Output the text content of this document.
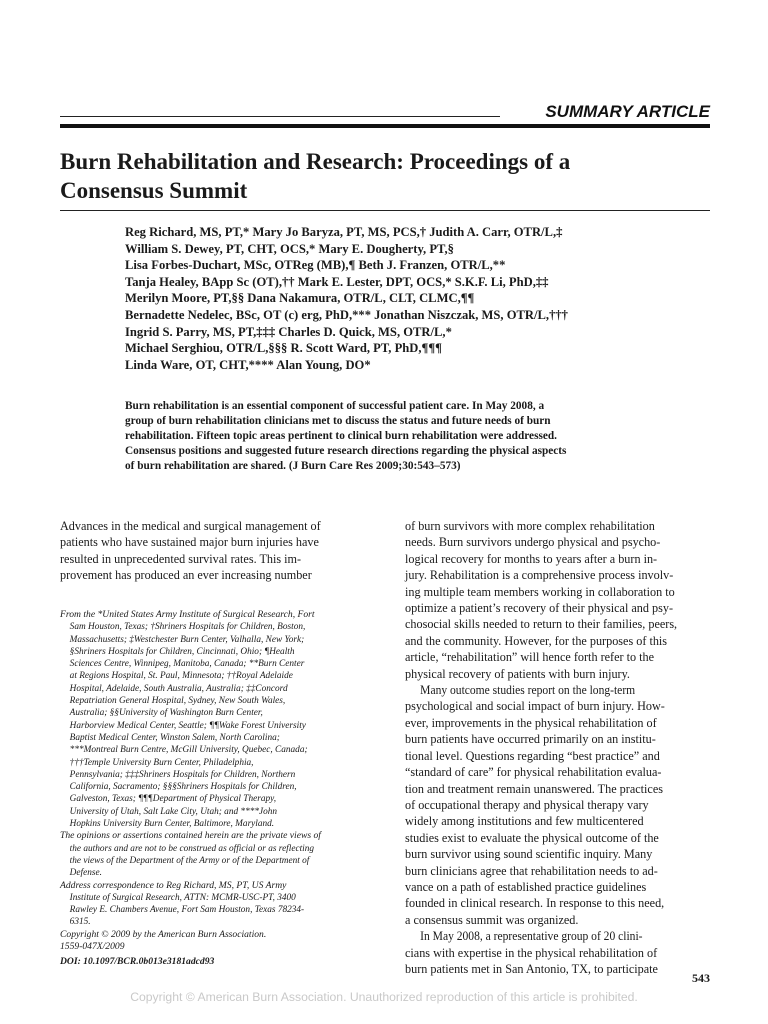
SUMMARY ARTICLE
Burn Rehabilitation and Research: Proceedings of a
Consensus Summit
Reg Richard, MS, PT,* Mary Jo Baryza, PT, MS, PCS,† Judith A. Carr, OTR/L,‡
William S. Dewey, PT, CHT, OCS,* Mary E. Dougherty, PT,§
Lisa Forbes-Duchart, MSc, OTReg (MB),¶ Beth J. Franzen, OTR/L,**
Tanja Healey, BApp Sc (OT),†† Mark E. Lester, DPT, OCS,* S.K.F. Li, PhD,‡‡
Merilyn Moore, PT,§§ Dana Nakamura, OTR/L, CLT, CLMC,¶¶
Bernadette Nedelec, BSc, OT (c) erg, PhD,*** Jonathan Niszczak, MS, OTR/L,†††
Ingrid S. Parry, MS, PT,‡‡‡ Charles D. Quick, MS, OTR/L,*
Michael Serghiou, OTR/L,§§§ R. Scott Ward, PT, PhD,¶¶¶
Linda Ware, OT, CHT,**** Alan Young, DO*
Burn rehabilitation is an essential component of successful patient care. In May 2008, a
group of burn rehabilitation clinicians met to discuss the status and future needs of burn
rehabilitation. Fifteen topic areas pertinent to clinical burn rehabilitation were addressed.
Consensus positions and suggested future research directions regarding the physical aspects
of burn rehabilitation are shared. (J Burn Care Res 2009;30:543–573)
Advances in the medical and surgical management of
patients who have sustained major burn injuries have
resulted in unprecedented survival rates. This im-
provement has produced an ever increasing number
From the *United States Army Institute of Surgical Research, Fort
Sam Houston, Texas; †Shriners Hospitals for Children, Boston,
Massachusetts; ‡Westchester Burn Center, Valhalla, New York;
§Shriners Hospitals for Children, Cincinnati, Ohio; ¶Health
Sciences Centre, Winnipeg, Manitoba, Canada; **Burn Center
at Regions Hospital, St. Paul, Minnesota; ††Royal Adelaide
Hospital, Adelaide, South Australia, Australia; ‡‡Concord
Repatriation General Hospital, Sydney, New South Wales,
Australia; §§University of Washington Burn Center,
Harborview Medical Center, Seattle; ¶¶Wake Forest University
Baptist Medical Center, Winston Salem, North Carolina;
***Montreal Burn Centre, McGill University, Quebec, Canada;
†††Temple University Burn Center, Philadelphia,
Pennsylvania; ‡‡‡Shriners Hospitals for Children, Northern
California, Sacramento; §§§Shriners Hospitals for Children,
Galveston, Texas; ¶¶¶Department of Physical Therapy,
University of Utah, Salt Lake City, Utah; and ****John
Hopkins University Burn Center, Baltimore, Maryland.
The opinions or assertions contained herein are the private views of
the authors and are not to be construed as official or as reflecting
the views of the Department of the Army or of the Department of
Defense.
Address correspondence to Reg Richard, MS, PT, US Army
Institute of Surgical Research, ATTN: MCMR-USC-PT, 3400
Rawley E. Chambers Avenue, Fort Sam Houston, Texas 78234-
6315.
Copyright © 2009 by the American Burn Association.
1559-047X/2009
DOI: 10.1097/BCR.0b013e3181adcd93
of burn survivors with more complex rehabilitation
needs. Burn survivors undergo physical and psycho-
logical recovery for months to years after a burn in-
jury. Rehabilitation is a comprehensive process involv-
ing multiple team members working in collaboration to
optimize a patient’s recovery of their physical and psy-
chosocial skills needed to return to their families, peers,
and the community. However, for the purposes of this
article, “rehabilitation” will hence forth refer to the
physical recovery of patients with burn injury.
Many outcome studies report on the long-term
psychological and social impact of burn injury. How-
ever, improvements in the physical rehabilitation of
burn patients have occurred primarily on an institu-
tional level. Questions regarding “best practice” and
“standard of care” for physical rehabilitation evalua-
tion and treatment remain unanswered. The practices
of occupational therapy and physical therapy vary
widely among institutions and few multicentered
studies exist to evaluate the physical outcome of the
burn survivor using sound scientific inquiry. Many
burn clinicians agree that rehabilitation needs to ad-
vance on a path of established practice guidelines
founded in clinical research. In response to this need,
a consensus summit was organized.
In May 2008, a representative group of 20 clini-
cians with expertise in the physical rehabilitation of
burn patients met in San Antonio, TX, to participate
543
Copyright © American Burn Association. Unauthorized reproduction of this article is prohibited.
